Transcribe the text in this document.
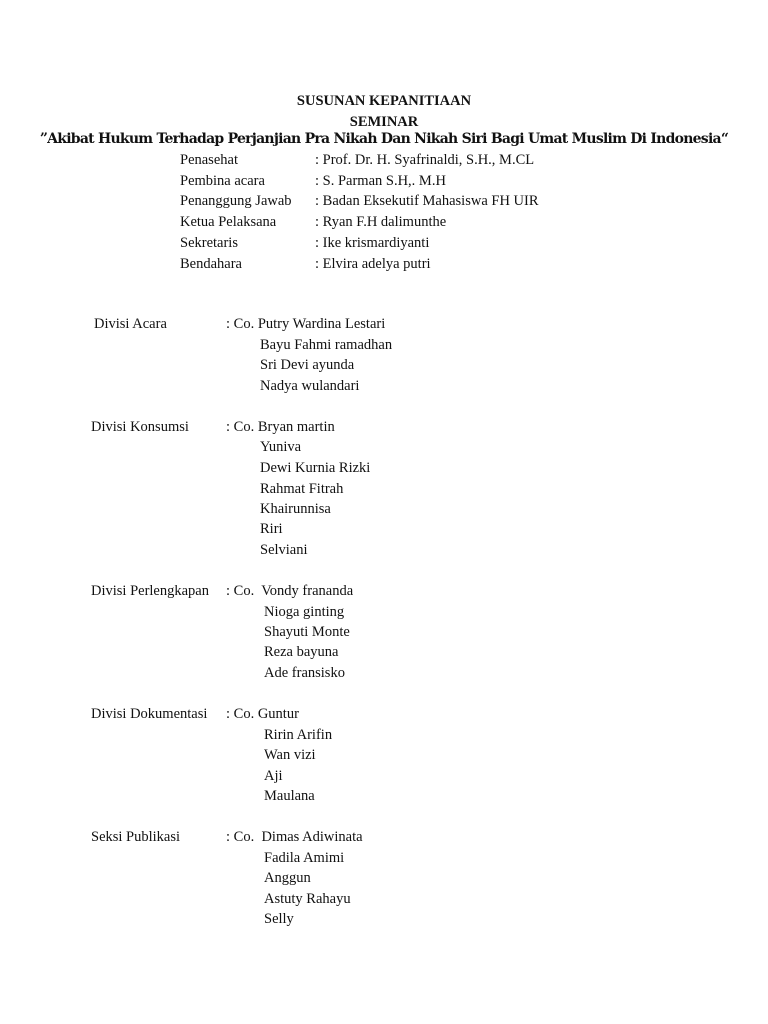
SUSUNAN KEPANITIAAN
SEMINAR
”Akibat Hukum Terhadap Perjanjian Pra Nikah Dan Nikah Siri Bagi Umat Muslim Di Indonesia“
Penasehat	: Prof. Dr. H. Syafrinaldi, S.H., M.CL
Pembina acara	: S. Parman S.H,. M.H
Penanggung Jawab : Badan Eksekutif Mahasiswa FH UIR
Ketua Pelaksana	: Ryan F.H dalimunthe
Sekretaris	: Ike krismardiyanti
Bendahara	: Elvira adelya putri
Divisi Acara	: Co. Putry Wardina Lestari
Bayu Fahmi ramadhan
Sri Devi ayunda
Nadya wulandari
Divisi Konsumsi	: Co. Bryan martin
Yuniva
Dewi Kurnia Rizki
Rahmat Fitrah
Khairunnisa
Riri
Selviani
Divisi Perlengkapan : Co.  Vondy frananda
Nioga ginting
Shayuti Monte
Reza bayuna
Ade fransisko
Divisi Dokumentasi : Co. Guntur
Ririn Arifin
Wan vizi
Aji
Maulana
Seksi Publikasi	: Co.  Dimas Adiwinata
Fadila Amimi
Anggun
Astuty Rahayu
Selly
